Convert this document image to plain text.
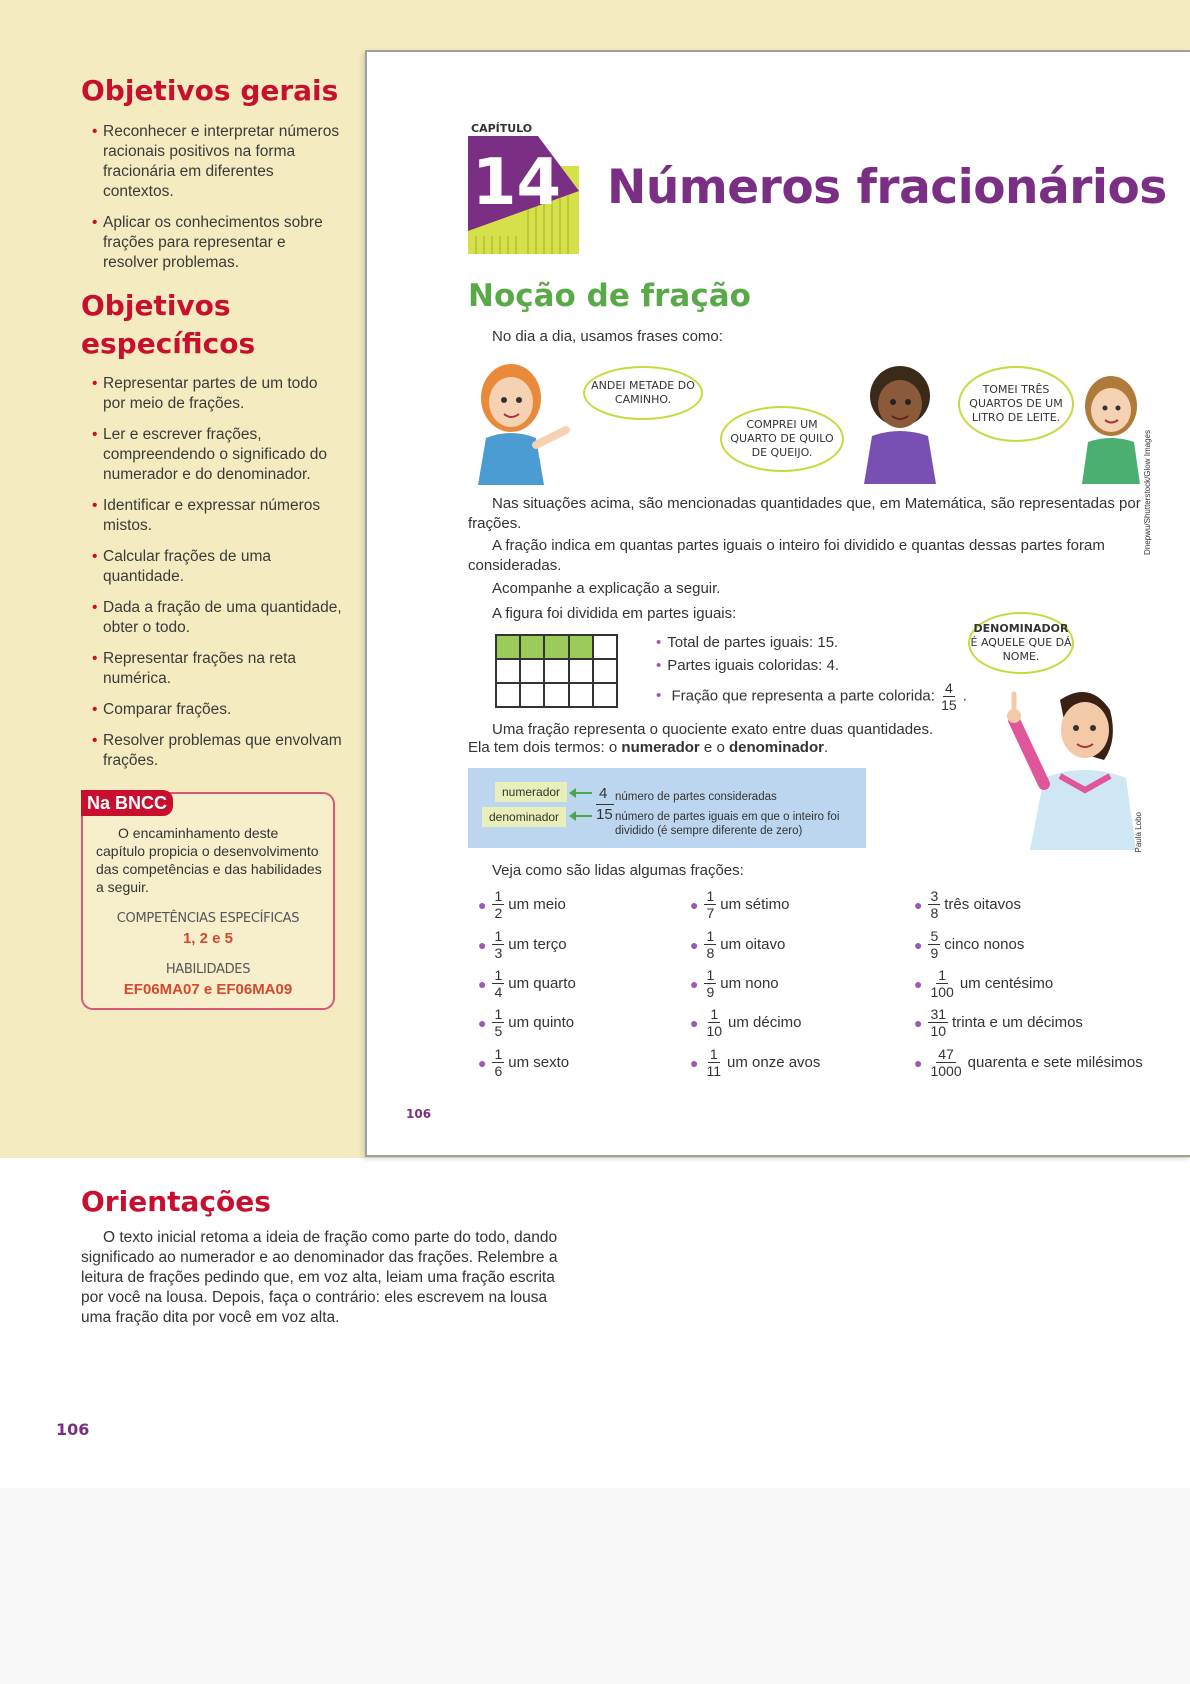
Objetivos gerais
• Reconhecer e interpretar números racionais positivos na forma fracionária em diferentes contextos.
• Aplicar os conhecimentos sobre frações para representar e resolver problemas.
Objetivos
específicos
• Representar partes de um todo por meio de frações.
• Ler e escrever frações, compreendendo o significado do numerador e do denominador.
• Identificar e expressar números mistos.
• Calcular frações de uma quantidade.
• Dada a fração de uma quantidade, obter o todo.
• Representar frações na reta numérica.
• Comparar frações.
• Resolver problemas que envolvam frações.
Na BNCC
O encaminhamento deste capítulo propicia o desenvolvimento das competências e das habilidades a seguir.
COMPETÊNCIAS ESPECÍFICAS
1, 2 e 5
HABILIDADES
EF06MA07 e EF06MA09
CAPÍTULO
14 Números fracionários
Noção de fração
No dia a dia, usamos frases como:
ANDEI METADE DO CAMINHO.
COMPREI UM QUARTO DE QUILO DE QUEIJO.
TOMEI TRÊS QUARTOS DE UM LITRO DE LEITE.
Dnepwu/Shutterstock/Glow Images
Nas situações acima, são mencionadas quantidades que, em Matemática, são representadas por frações.
A fração indica em quantas partes iguais o inteiro foi dividido e quantas dessas partes foram consideradas.
Acompanhe a explicação a seguir.
A figura foi dividida em partes iguais:
• Total de partes iguais: 15.
• Partes iguais coloridas: 4.
• Fração que representa a parte colorida: $\frac{4}{15}$ .
DENOMINADOR
É AQUELE QUE DÁ NOME.
Paula Lobo
Uma fração representa o quociente exato entre duas quantidades.
Ela tem dois termos: o numerador e o denominador.
numerador
denominador
4
15
número de partes consideradas
número de partes iguais em que o inteiro foi dividido (é sempre diferente de zero)
Veja como são lidas algumas frações:
● $\frac{1}{2}$ um meio
● $\frac{1}{3}$ um terço
● $\frac{1}{4}$ um quarto
● $\frac{1}{5}$ um quinto
● $\frac{1}{6}$ um sexto
● $\frac{1}{7}$ um sétimo
● $\frac{1}{8}$ um oitavo
● $\frac{1}{9}$ um nono
● $\frac{1}{10}$ um décimo
● $\frac{1}{11}$ um onze avos
● $\frac{3}{8}$ três oitavos
● $\frac{5}{9}$ cinco nonos
● $\frac{1}{100}$ um centésimo
● $\frac{31}{10}$ trinta e um décimos
● $\frac{47}{1000}$ quarenta e sete milésimos
106
Orientações
O texto inicial retoma a ideia de fração como parte do todo, dando significado ao numerador e ao denominador das frações. Relembre a leitura de frações pedindo que, em voz alta, leiam uma fração escrita por você na lousa. Depois, faça o contrário: eles escrevem na lousa uma fração dita por você em voz alta.
106
